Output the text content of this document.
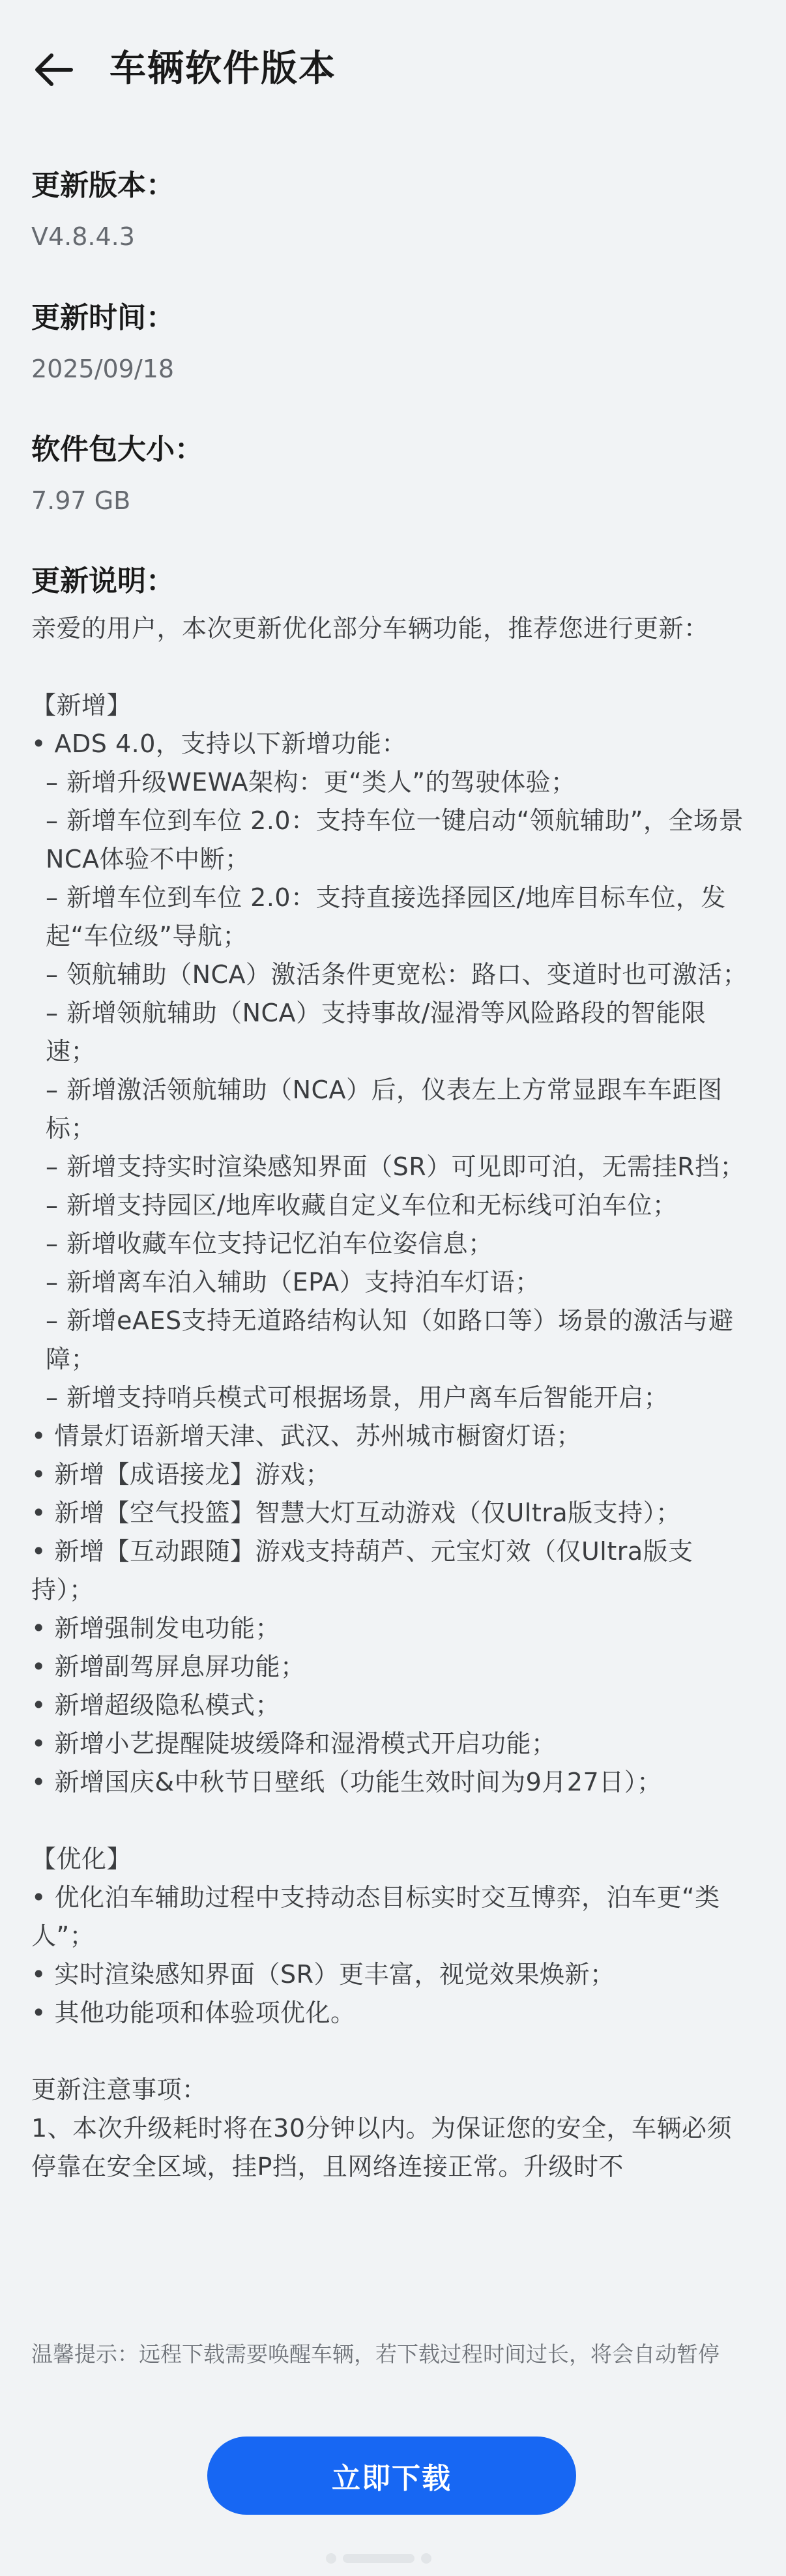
车辆软件版本
更新版本：
V4.8.4.3
更新时间：
2025/09/18
软件包大小：
7.97 GB
更新说明：

亲爱的用户，本次更新优化部分车辆功能，推荐您进行更新：

【新增】

• ADS 4.0，支持以下新增功能：

– 新增升级WEWA架构：更“类人”的驾驶体验；

– 新增车位到车位 2.0：支持车位一键启动“领航辅助”，全场景NCA体验不中断；

– 新增车位到车位 2.0：支持直接选择园区/地库目标车位，发起“车位级”导航；

– 领航辅助（NCA）激活条件更宽松：路口、变道时也可激活；

– 新增领航辅助（NCA）支持事故/湿滑等风险路段的智能限速；

– 新增激活领航辅助（NCA）后，仪表左上方常显跟车车距图标；

– 新增支持实时渲染感知界面（SR）可见即可泊，无需挂R挡；

– 新增支持园区/地库收藏自定义车位和无标线可泊车位；

– 新增收藏车位支持记忆泊车位姿信息；

– 新增离车泊入辅助（EPA）支持泊车灯语；

– 新增eAES支持无道路结构认知（如路口等）场景的激活与避障；

– 新增支持哨兵模式可根据场景，用户离车后智能开启；

• 情景灯语新增天津、武汉、苏州城市橱窗灯语；

• 新增【成语接龙】游戏；

• 新增【空气投篮】智慧大灯互动游戏（仅Ultra版支持）；

• 新增【互动跟随】游戏支持葫芦、元宝灯效（仅Ultra版支持）；

• 新增强制发电功能；

• 新增副驾屏息屏功能；

• 新增超级隐私模式；

• 新增小艺提醒陡坡缓降和湿滑模式开启功能；

• 新增国庆&中秋节日壁纸（功能生效时间为9月27日）；

【优化】

• 优化泊车辅助过程中支持动态目标实时交互博弈，泊车更“类人”；

• 实时渲染感知界面（SR）更丰富，视觉效果焕新；

• 其他功能项和体验项优化。

更新注意事项：

1、本次升级耗时将在30分钟以内。为保证您的安全，车辆必须停靠在安全区域，挂P挡，且网络连接正常。升级时不

温馨提示：远程下载需要唤醒车辆，若下载过程时间过长，将会自动暂停
立即下载
